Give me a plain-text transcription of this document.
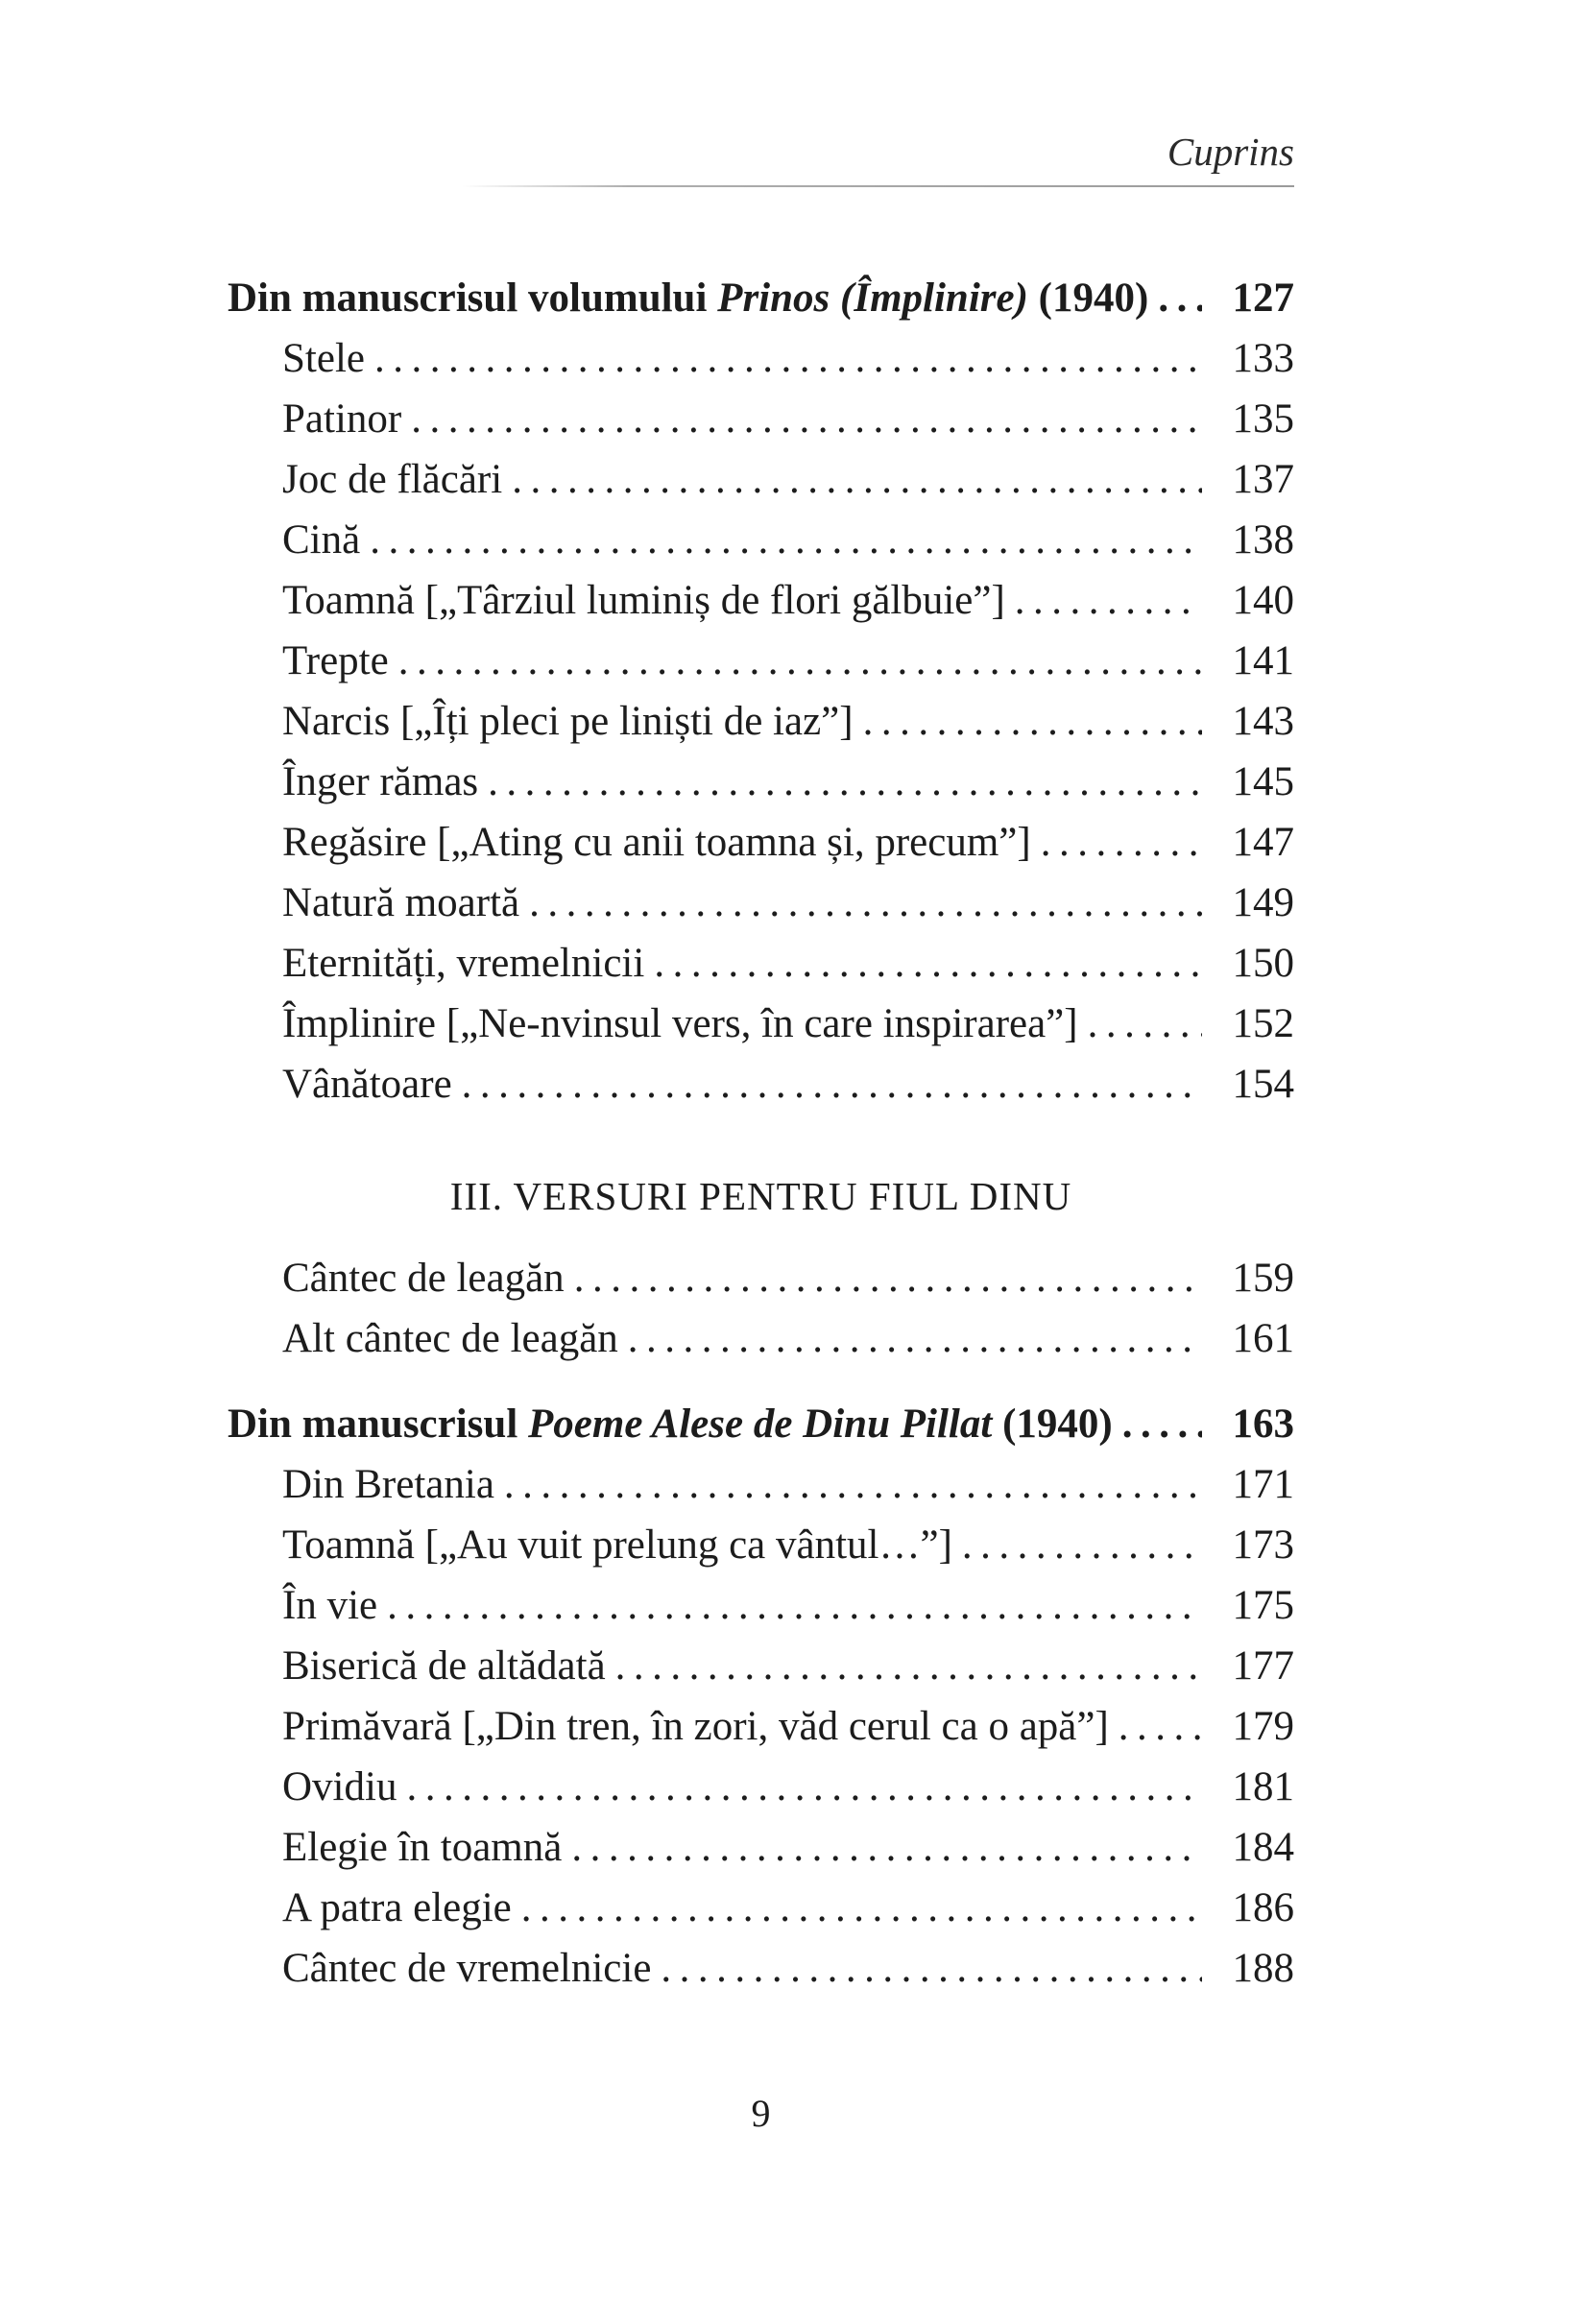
Cuprins
Din manuscrisul volumului Prinos (Împlinire) (1940) .....	127
Stele .....	133
Patinor .....	135
Joc de flăcări .....	137
Cină .....	138
Toamnă [„Târziul luminiș de flori gălbuie”] .....	140
Trepte .....	141
Narcis [„Îți pleci pe liniști de iaz”] .....	143
Înger rămas .....	145
Regăsire [„Ating cu anii toamna și, precum”] .....	147
Natură moartă .....	149
Eternități, vremelnicii .....	150
Împlinire [„Ne-nvinsul vers, în care inspirarea”] .....	152
Vânătoare .....	154
III. VERSURI PENTRU FIUL DINU
Cântec de leagăn .....	159
Alt cântec de leagăn .....	161
Din manuscrisul Poeme Alese de Dinu Pillat (1940) .....	163
Din Bretania .....	171
Toamnă [„Au vuit prelung ca vântul…”] .....	173
În vie .....	175
Biserică de altădată .....	177
Primăvară [„Din tren, în zori, văd cerul ca o apă”] .....	179
Ovidiu .....	181
Elegie în toamnă .....	184
A patra elegie .....	186
Cântec de vremelnicie .....	188
9
